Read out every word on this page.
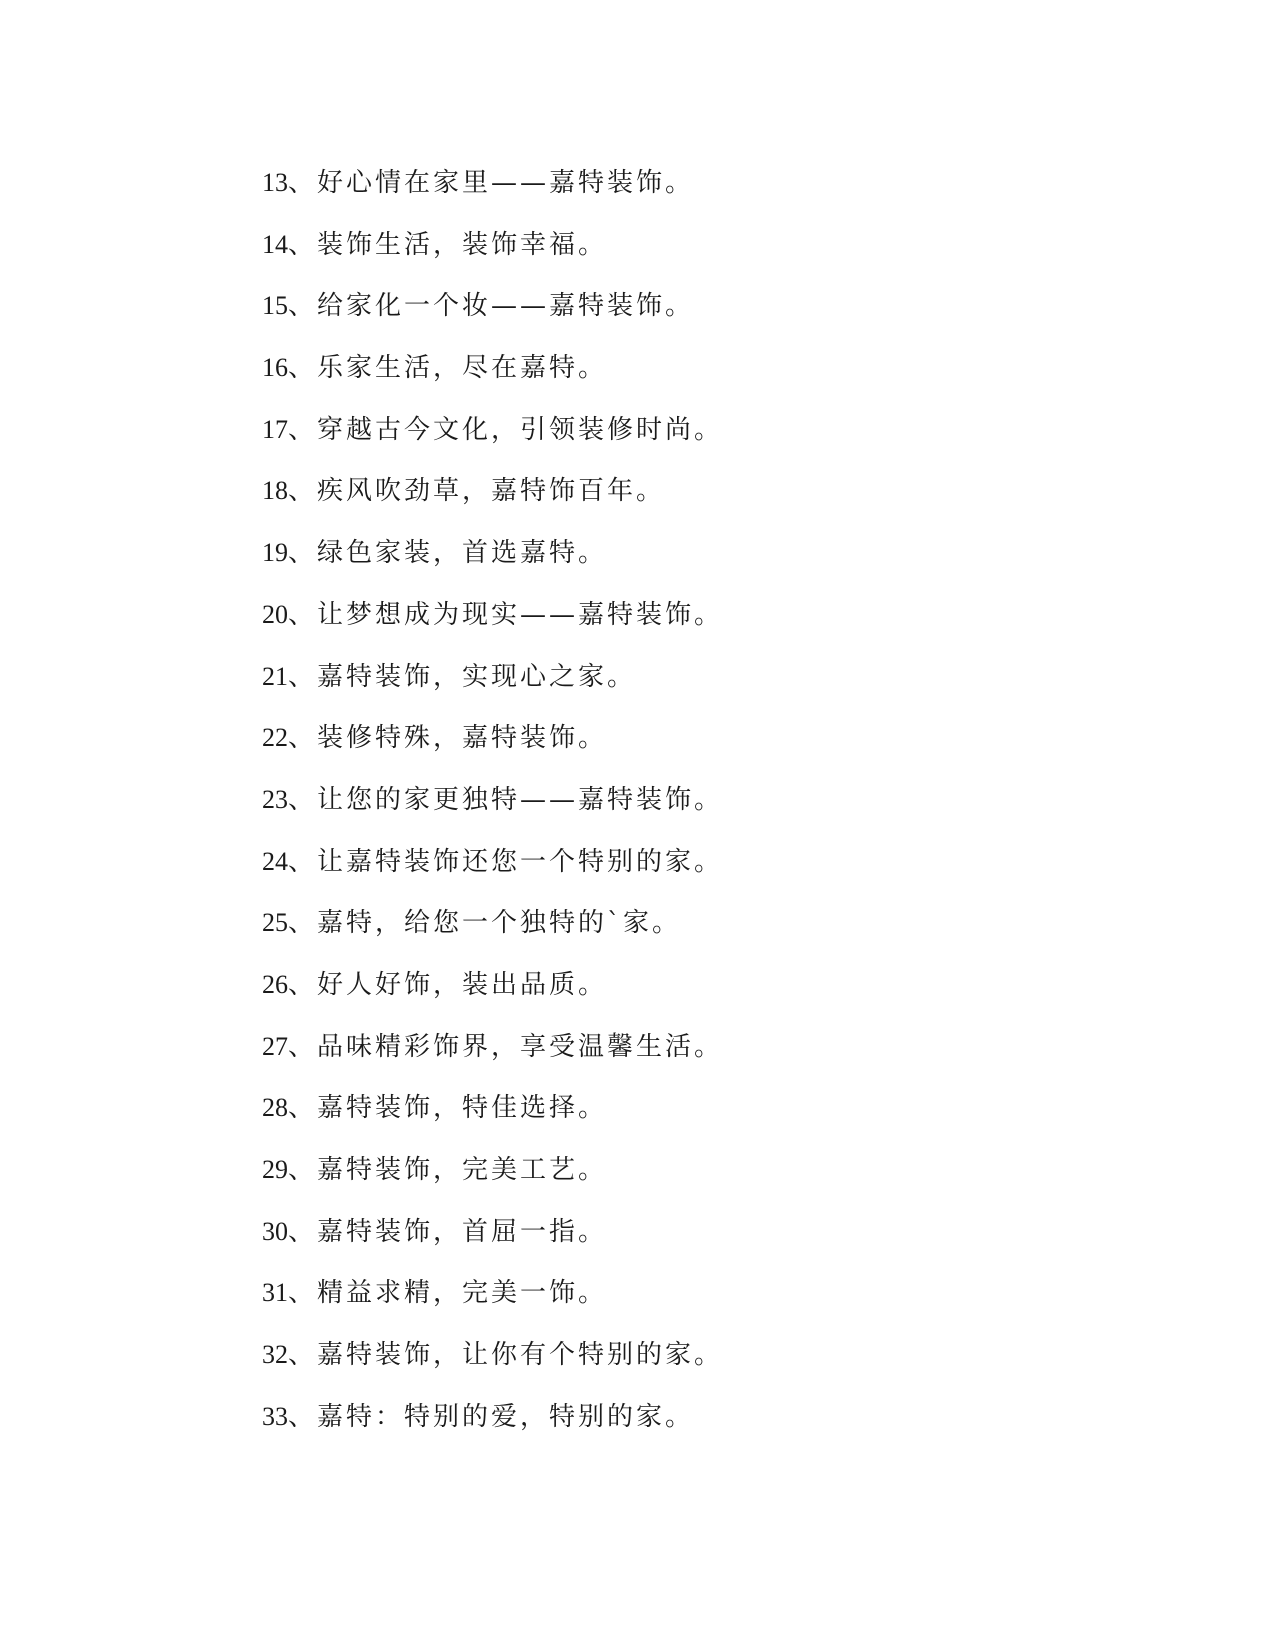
13 、 好心情在家里——嘉特装饰。
14 、 装饰生活，装饰幸福。
15 、 给家化一个妆——嘉特装饰。
16 、 乐家生活，尽在嘉特。
17 、 穿越古今文化，引领装修时尚。
18 、 疾风吹劲草，嘉特饰百年。
19 、 绿色家装，首选嘉特。
20 、 让梦想成为现实——嘉特装饰。
21 、 嘉特装饰，实现心之家。
22 、 装修特殊，嘉特装饰。
23 、 让您的家更独特——嘉特装饰。
24 、 让嘉特装饰还您一个特别的家。
25 、 嘉特，给您一个独特的`家。
26 、 好人好饰，装出品质。
27 、 品味精彩饰界，享受温馨生活。
28 、 嘉特装饰，特佳选择。
29 、 嘉特装饰，完美工艺。
30 、 嘉特装饰，首屈一指。
31 、 精益求精，完美一饰。
32 、 嘉特装饰，让你有个特别的家。
33 、 嘉特：特别的爱，特别的家。
